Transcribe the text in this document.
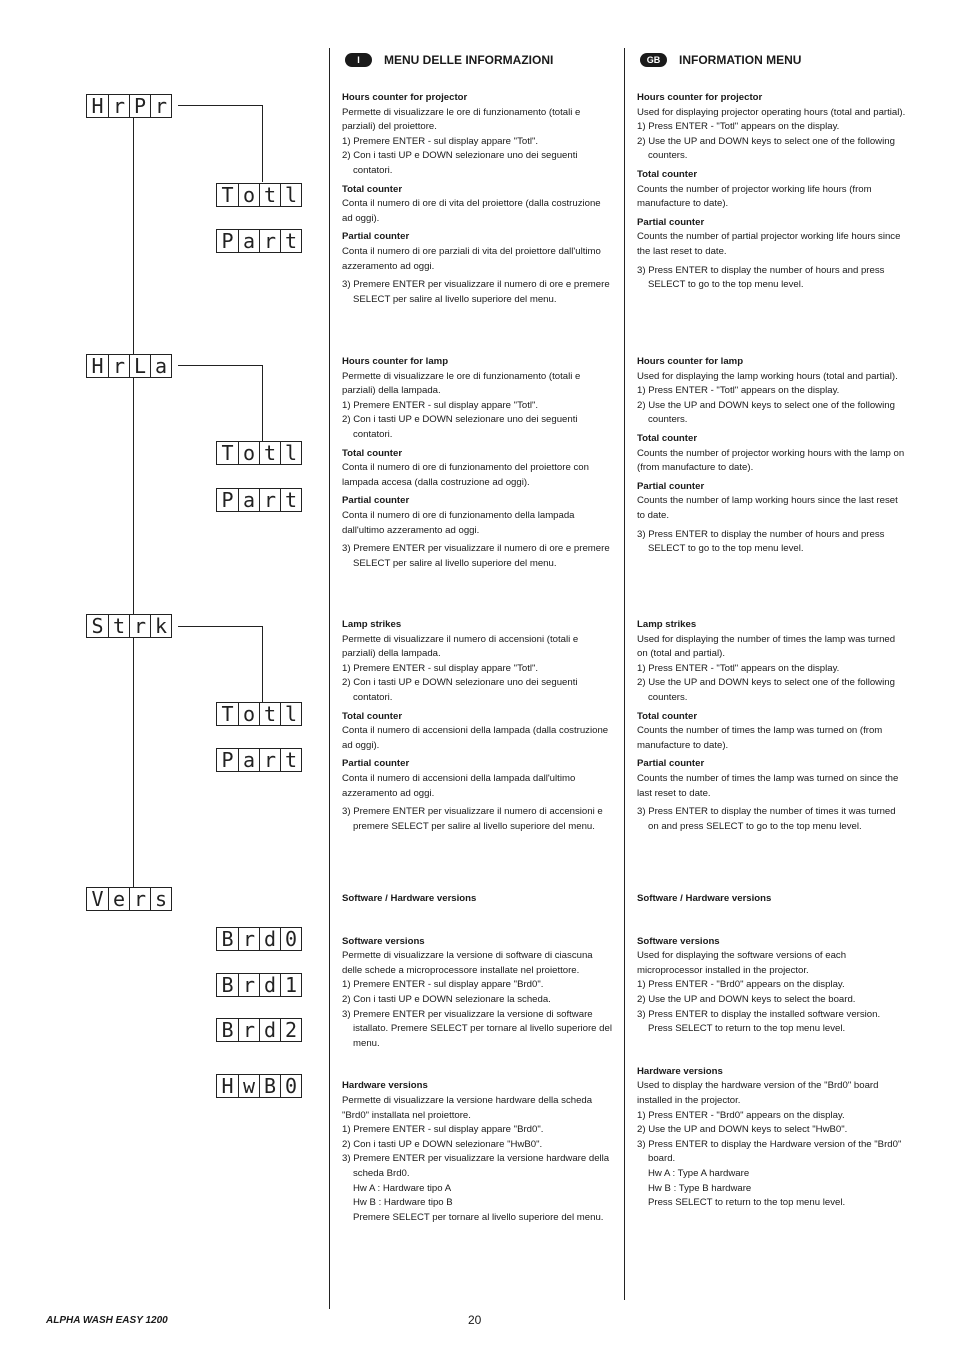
H r P r
T o t l
P a r t
H r L a
T o t l
P a r t
S t r k
T o t l
P a r t
V e r s
B r d 0
B r d 1
B r d 2
H w B 0
I	MENU DELLE INFORMAZIONI	GB	INFORMATION MENU

Hours counter for projector

Permette di visualizzare le ore di funzionamento (totali e parziali) del proiettore.

1) Premere ENTER - sul display appare "Totl".

2) Con i tasti UP e DOWN selezionare uno dei seguenti contatori.

Total counter

Conta il numero di ore di vita del proiettore (dalla costruzione ad oggi).

Partial counter

Conta il numero di ore parziali di vita del proiettore dall'ultimo azzeramento ad oggi.

3) Premere ENTER per visualizzare il numero di ore e premere SELECT per salire al livello superiore del menu.

Hours counter for lamp

Permette di visualizzare le ore di funzionamento (totali e parziali) della lampada.

1) Premere ENTER - sul display appare "Totl".

2) Con i tasti UP e DOWN selezionare uno dei seguenti contatori.

Total counter

Conta il numero di ore di funzionamento del proiettore con lampada accesa (dalla costruzione ad oggi).

Partial counter

Conta il numero di ore di funzionamento della lampada dall'ultimo azzeramento ad oggi.

3) Premere ENTER per visualizzare il numero di ore e premere SELECT per salire al livello superiore del menu.

Lamp strikes

Permette di visualizzare il numero di accensioni (totali e parziali) della lampada.

1) Premere ENTER - sul display appare "Totl".

2) Con i tasti UP e DOWN selezionare uno dei seguenti contatori.

Total counter

Conta il numero di accensioni della lampada (dalla costruzione ad oggi).

Partial counter

Conta il numero di accensioni della lampada dall'ultimo azzeramento ad oggi.

3) Premere ENTER per visualizzare il numero di accensioni e premere SELECT per salire al livello superiore del menu.

Software / Hardware versions

Software versions

Permette di visualizzare la versione di software di ciascuna delle schede a microprocessore installate nel proiettore.

1) Premere ENTER - sul display appare "Brd0".

2) Con i tasti UP e DOWN selezionare la scheda.

3) Premere ENTER per visualizzare la versione di software istallato. Premere SELECT per tornare al livello superiore del menu.

Hardware versions

Permette di visualizzare la versione hardware della scheda "Brd0" installata nel proiettore.

1) Premere ENTER - sul display appare "Brd0".

2) Con i tasti UP e DOWN selezionare "HwB0".

3) Premere ENTER per visualizzare la versione hardware della scheda Brd0.

Hw A : Hardware tipo A

Hw B : Hardware tipo B

Premere SELECT per tornare al livello superiore del menu.

Hours counter for projector

Used for displaying projector operating hours (total and partial).

1) Press ENTER - "Totl" appears on the display.

2) Use the UP and DOWN keys to select one of the following counters.

Total counter

Counts the number of projector working life hours (from manufacture to date).

Partial counter

Counts the number of partial projector working life hours since the last reset to date.

3) Press ENTER to display the number of hours and press SELECT to go to the top menu level.

Hours counter for lamp

Used for displaying the lamp working hours (total and partial).

1) Press ENTER - "Totl" appears on the display.

2) Use the UP and DOWN keys to select one of the following counters.

Total counter

Counts the number of projector working hours with the lamp on (from manufacture to date).

Partial counter

Counts the number of lamp working hours since the last reset to date.

3) Press ENTER to display the number of hours and press SELECT to go to the top menu level.

Lamp strikes

Used for displaying the number of times the lamp was turned on (total and partial).

1) Press ENTER - "Totl" appears on the display.

2) Use the UP and DOWN keys to select one of the following counters.

Total counter

Counts the number of times the lamp was turned on (from manufacture to date).

Partial counter

Counts the number of times the lamp was turned on since the last reset to date.

3) Press ENTER to display the number of times it was turned on and press SELECT to go to the top menu level.

Software / Hardware versions

Software versions

Used for displaying the software versions of each microprocessor installed in the projector.

1) Press ENTER - "Brd0" appears on the display.

2) Use the UP and DOWN keys to select the board.

3) Press ENTER to display the installed software version. Press SELECT to return to the top menu level.

Hardware versions

Used to display the hardware version of the "Brd0" board installed in the projector.

1) Press ENTER - "Brd0" appears on the display.

2) Use the UP and DOWN keys to select "HwB0".

3) Press ENTER to display the Hardware version of the "Brd0" board.

Hw A : Type A hardware

Hw B : Type B hardware

Press SELECT to return to the top menu level.

ALPHA WASH EASY 1200	20
